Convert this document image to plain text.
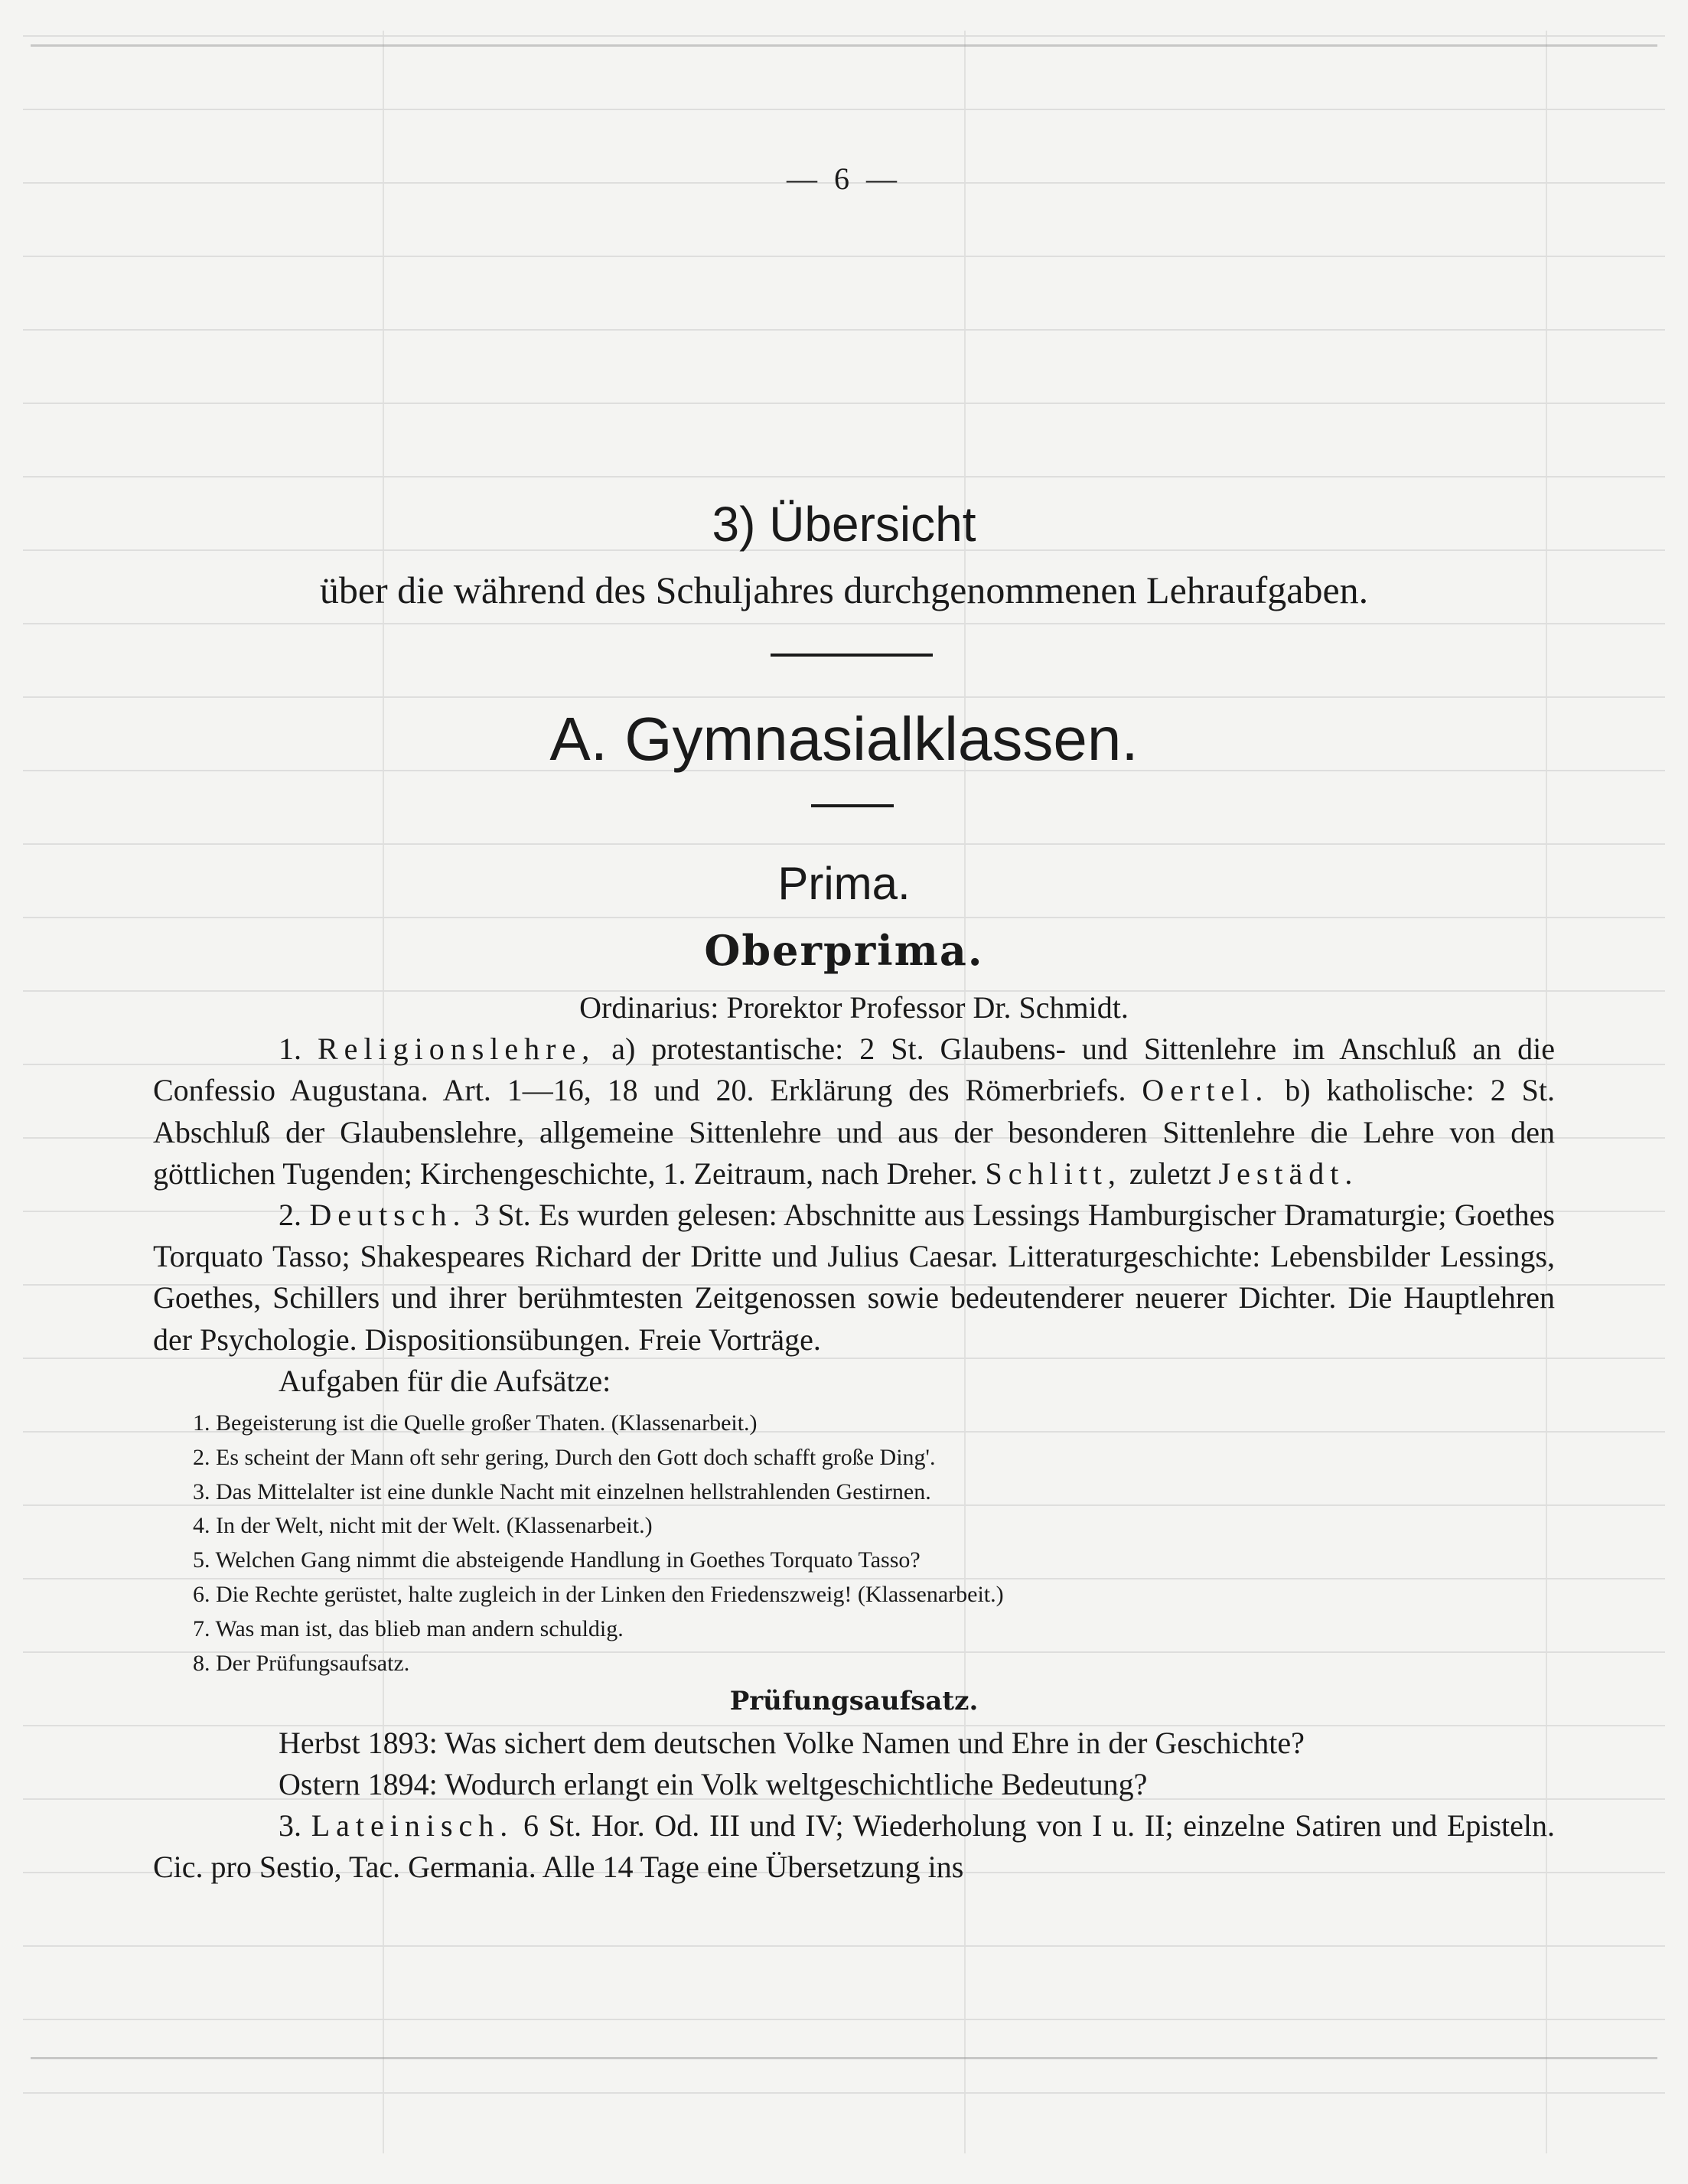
— 6 —
3) Übersicht
über die während des Schuljahres durchgenommenen Lehraufgaben.
A. Gymnasialklassen.
Prima.
Oberprima.

Ordinarius: Prorektor Professor Dr. Schmidt.

1. Religionslehre, a) protestantische: 2 St. Glaubens- und Sittenlehre im Anschluß an die Confessio Augustana. Art. 1—16, 18 und 20. Erklärung des Römerbriefs. Oertel. b) katholische: 2 St. Abschluß der Glaubenslehre, allgemeine Sittenlehre und aus der besonderen Sittenlehre die Lehre von den göttlichen Tugenden; Kirchengeschichte, 1. Zeitraum, nach Dreher. Schlitt, zuletzt Jestädt.

2. Deutsch. 3 St. Es wurden gelesen: Abschnitte aus Lessings Hamburgischer Dramaturgie; Goethes Torquato Tasso; Shakespeares Richard der Dritte und Julius Caesar. Litteraturgeschichte: Lebensbilder Lessings, Goethes, Schillers und ihrer berühmtesten Zeitgenossen sowie bedeutenderer neuerer Dichter. Die Hauptlehren der Psychologie. Dispositionsübungen. Freie Vorträge.

Aufgaben für die Aufsätze:

1. Begeisterung ist die Quelle großer Thaten. (Klassenarbeit.)
2. Es scheint der Mann oft sehr gering, Durch den Gott doch schafft große Ding'.
3. Das Mittelalter ist eine dunkle Nacht mit einzelnen hellstrahlenden Gestirnen.
4. In der Welt, nicht mit der Welt. (Klassenarbeit.)
5. Welchen Gang nimmt die absteigende Handlung in Goethes Torquato Tasso?
6. Die Rechte gerüstet, halte zugleich in der Linken den Friedenszweig! (Klassenarbeit.)
7. Was man ist, das blieb man andern schuldig.
8. Der Prüfungsaufsatz.

Prüfungsaufsatz.

Herbst 1893: Was sichert dem deutschen Volke Namen und Ehre in der Geschichte?

Ostern 1894: Wodurch erlangt ein Volk weltgeschichtliche Bedeutung?

3. Lateinisch. 6 St. Hor. Od. III und IV; Wiederholung von I u. II; einzelne Satiren und Episteln. Cic. pro Sestio, Tac. Germania. Alle 14 Tage eine Übersetzung ins
